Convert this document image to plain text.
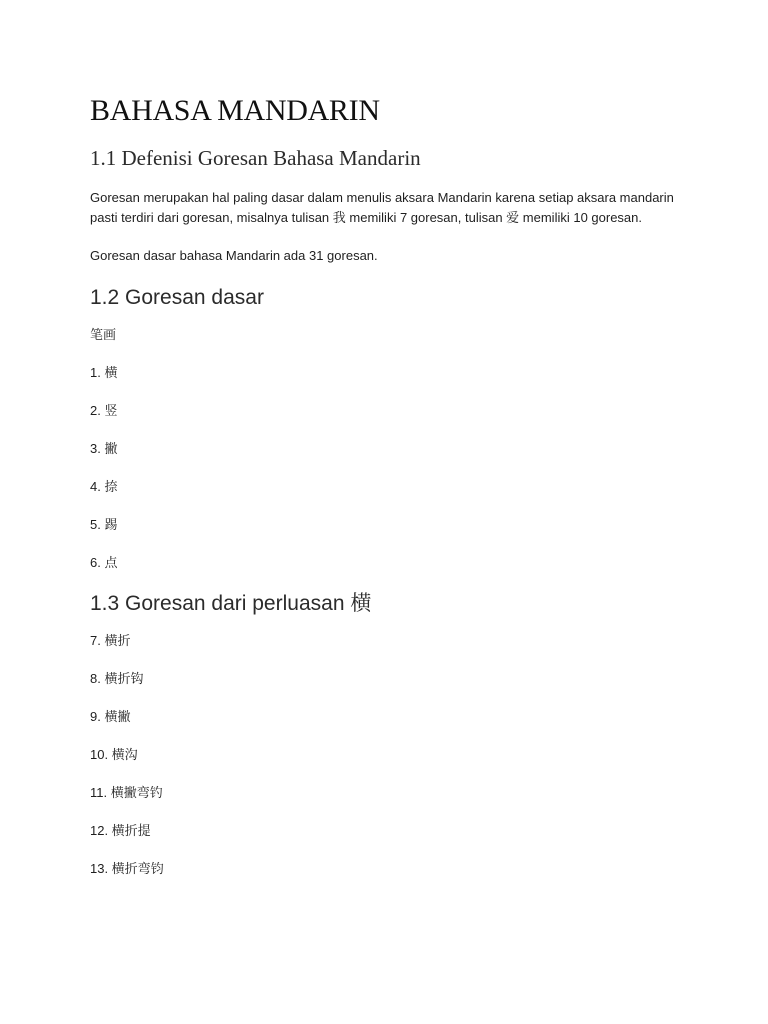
BAHASA MANDARIN
1.1 Defenisi Goresan Bahasa Mandarin

Goresan merupakan hal paling dasar dalam menulis aksara Mandarin karena setiap aksara mandarin pasti terdiri dari goresan, misalnya tulisan 我 memiliki 7 goresan, tulisan 爱 memiliki 10 goresan.

Goresan dasar bahasa Mandarin ada 31 goresan.

1.2 Goresan dasar

笔画

1. 横
2. 竖
3. 撇
4. 捺
5. 踢
6. 点
1.3 Goresan dari perluasan 横
7. 横折
8. 横折钩
9. 横撇
10. 横沟
11. 横撇弯钓
12. 横折提
13. 横折弯钧
